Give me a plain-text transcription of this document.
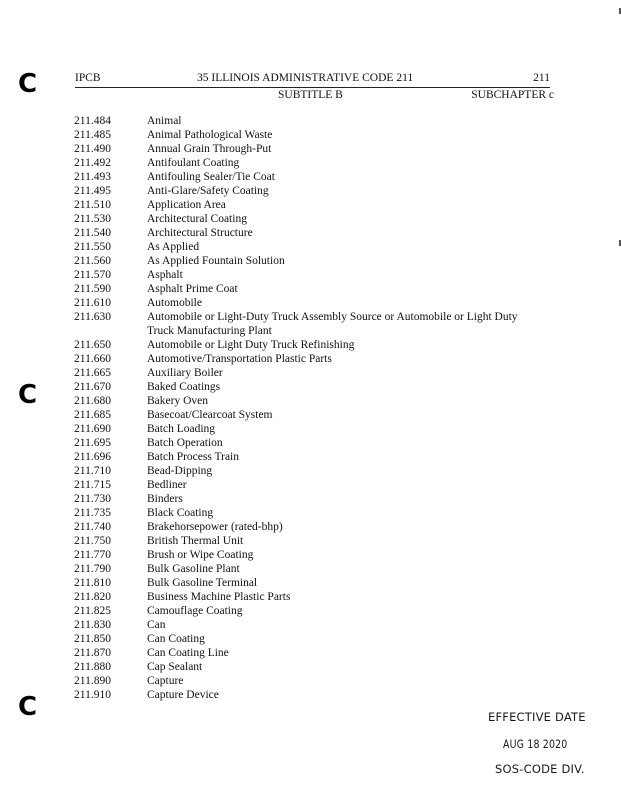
C
C
C
IPCB	35 ILLINOIS ADMINISTRATIVE CODE 211	211
SUBTITLE B	SUBCHAPTER c
211.484	Animal
211.485	Animal Pathological Waste
211.490	Annual Grain Through-Put
211.492	Antifoulant Coating
211.493	Antifouling Sealer/Tie Coat
211.495	Anti-Glare/Safety Coating
211.510	Application Area
211.530	Architectural Coating
211.540	Architectural Structure
211.550	As Applied
211.560	As Applied Fountain Solution
211.570	Asphalt
211.590	Asphalt Prime Coat
211.610	Automobile
211.630	Automobile or Light-Duty Truck Assembly Source or Automobile or Light Duty
Truck Manufacturing Plant
211.650	Automobile or Light Duty Truck Refinishing
211.660	Automotive/Transportation Plastic Parts
211.665	Auxiliary Boiler
211.670	Baked Coatings
211.680	Bakery Oven
211.685	Basecoat/Clearcoat System
211.690	Batch Loading
211.695	Batch Operation
211.696	Batch Process Train
211.710	Bead-Dipping
211.715	Bedliner
211.730	Binders
211.735	Black Coating
211.740	Brakehorsepower (rated-bhp)
211.750	British Thermal Unit
211.770	Brush or Wipe Coating
211.790	Bulk Gasoline Plant
211.810	Bulk Gasoline Terminal
211.820	Business Machine Plastic Parts
211.825	Camouflage Coating
211.830	Can
211.850	Can Coating
211.870	Can Coating Line
211.880	Cap Sealant
211.890	Capture
211.910	Capture Device
EFFECTIVE DATE
AUG 18 2020
SOS-CODE DIV.
